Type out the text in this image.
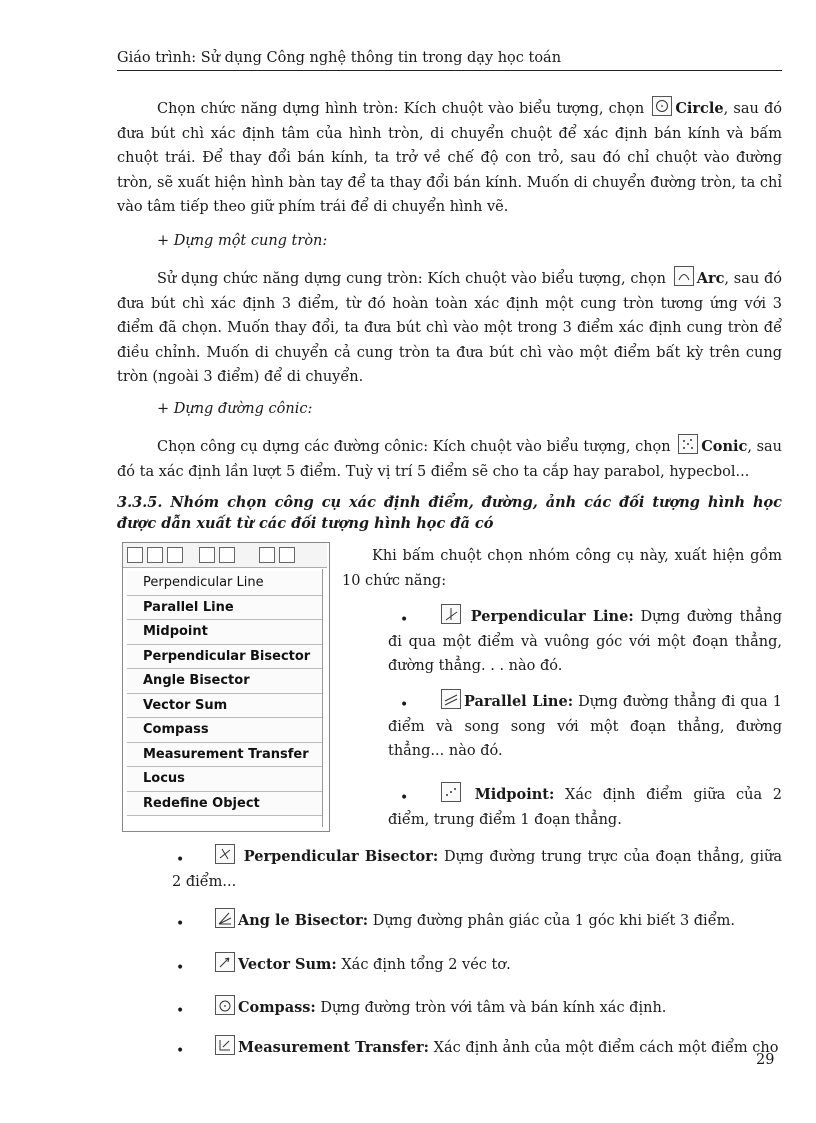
Giáo trình: Sử dụng Công nghệ thông tin trong dạy học toán

Chọn chức năng dựng hình tròn: Kích chuột vào biểu tượng, chọn Circle, sau đó đưa bút chì xác định tâm của hình tròn, di chuyển chuột để xác định bán kính và bấm chuột trái. Để thay đổi bán kính, ta trở về chế độ con trỏ, sau đó chỉ chuột vào đường tròn, sẽ xuất hiện hình bàn tay để ta thay đổi bán kính. Muốn di chuyển đường tròn, ta chỉ vào tâm tiếp theo giữ phím trái để di chuyển hình vẽ.

+ Dựng một cung tròn:

Sử dụng chức năng dựng cung tròn: Kích chuột vào biểu tượng, chọn Arc, sau đó đưa bút chì xác định 3 điểm, từ đó hoàn toàn xác định một cung tròn tương ứng với 3 điểm đã chọn. Muốn thay đổi, ta đưa bút chì vào một trong 3 điểm xác định cung tròn để điều chỉnh. Muốn di chuyển cả cung tròn ta đưa bút chì vào một điểm bất kỳ trên cung tròn (ngoài 3 điểm) để di chuyển.

+ Dựng đường cônic:

Chọn công cụ dựng các đường cônic: Kích chuột vào biểu tượng, chọn Conic, sau đó ta xác định lần lượt 5 điểm. Tuỳ vị trí 5 điểm sẽ cho ta cắp hay parabol, hypecbol...

3.3.5. Nhóm chọn công cụ xác định điểm, đường, ảnh các đối tượng hình học được dẫn xuất từ các đối tượng hình học đã có
Perpendicular Line
Parallel Line
Midpoint
Perpendicular Bisector
Angle Bisector
Vector Sum
Compass
Measurement Transfer
Locus
Redefine Object
Khi bấm chuột chọn nhóm công cụ này, xuất hiện gồm 10 chức năng:
•	Perpendicular Line: Dựng đường thẳng đi qua một điểm và vuông góc với một đoạn thẳng, đường thẳng. . . nào đó.
•	Parallel Line: Dựng đường thẳng đi qua 1 điểm và song song với một đoạn thẳng, đường thẳng... nào đó.
•	Midpoint: Xác định điểm giữa của 2 điểm, trung điểm 1 đoạn thẳng.
•	Perpendicular Bisector: Dựng đường trung trực của đoạn thẳng, giữa 2 điểm...
•	Ang le Bisector: Dựng đường phân giác của 1 góc khi biết 3 điểm.
•	Vector Sum: Xác định tổng 2 véc tơ.
•	Compass: Dựng đường tròn với tâm và bán kính xác định.
•	Measurement Transfer: Xác định ảnh của một điểm cách một điểm cho
29
